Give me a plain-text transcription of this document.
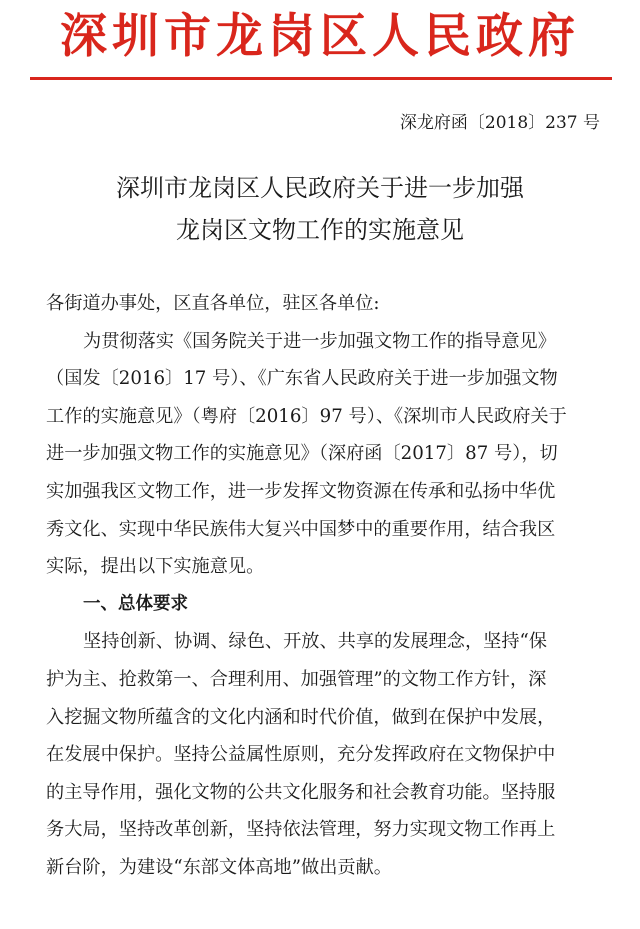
深圳市龙岗区人民政府
深龙府函〔2018〕237 号
深圳市龙岗区人民政府关于进一步加强
龙岗区文物工作的实施意见
各街道办事处，区直各单位，驻区各单位:
为贯彻落实《国务院关于进一步加强文物工作的指导意见》
（国发〔2016〕17 号）、《广东省人民政府关于进一步加强文物
工作的实施意见》（粤府〔2016〕97 号）、《深圳市人民政府关于
进一步加强文物工作的实施意见》（深府函〔2017〕87 号），切
实加强我区文物工作，进一步发挥文物资源在传承和弘扬中华优
秀文化、实现中华民族伟大复兴中国梦中的重要作用，结合我区
实际，提出以下实施意见。
一、总体要求
坚持创新、协调、绿色、开放、共享的发展理念，坚持“保
护为主、抢救第一、合理利用、加强管理”的文物工作方针，深
入挖掘文物所蕴含的文化内涵和时代价值，做到在保护中发展，
在发展中保护。坚持公益属性原则，充分发挥政府在文物保护中
的主导作用，强化文物的公共文化服务和社会教育功能。坚持服
务大局，坚持改革创新，坚持依法管理，努力实现文物工作再上
新台阶，为建设“东部文体高地”做出贡献。
